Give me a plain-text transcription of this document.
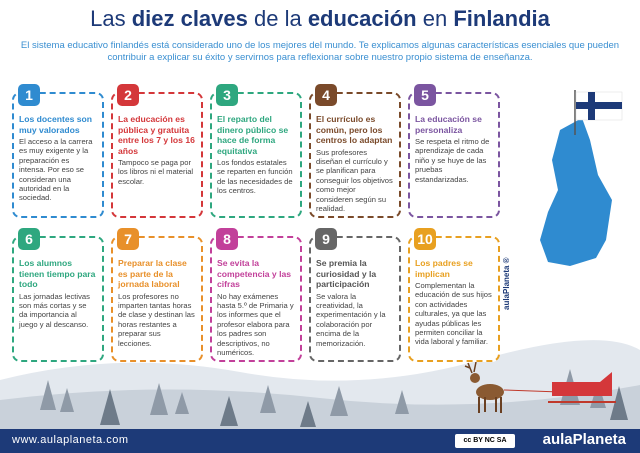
Las diez claves de la educación en Finlandia
El sistema educativo finlandés está considerado uno de los mejores del mundo. Te explicamos algunas características esenciales que pueden contribuir a explicar su éxito y servirnos para reflexionar sobre nuestro propio sistema de enseñanza.
1
Los docentes son muy valorados
El acceso a la carrera es muy exigente y la preparación es intensa. Por eso se consideran una autoridad en la sociedad.
2
La educación es pública y gratuita entre los 7 y los 16 años
Tampoco se paga por los libros ni el material escolar.
3
El reparto del dinero público se hace de forma equitativa
Los fondos estatales se reparten en función de las necesidades de los centros.
4
El currículo es común, pero los centros lo adaptan
Sus profesores diseñan el currículo y se planifican para conseguir los objetivos como mejor consideren según su realidad.
5
La educación se personaliza
Se respeta el ritmo de aprendizaje de cada niño y se huye de las pruebas estandarizadas.
6
Los alumnos tienen tiempo para todo
Las jornadas lectivas son más cortas y se da importancia al juego y al descanso.
7
Preparar la clase es parte de la jornada laboral
Los profesores no imparten tantas horas de clase y destinan las horas restantes a preparar sus lecciones.
8
Se evita la competencia y las cifras
No hay exámenes hasta 5.º de Primaria y los informes que el profesor elabora para los padres son descriptivos, no numéricos.
9
Se premia la curiosidad y la participación
Se valora la creatividad, la experimentación y la colaboración por encima de la memorización.
10
Los padres se implican
Complementan la educación de sus hijos con actividades culturales, ya que las ayudas públicas les permiten conciliar la vida laboral y familiar.
aulaPlaneta ®
www.aulaplaneta.com	cc BY NC SA	aulaPlaneta
